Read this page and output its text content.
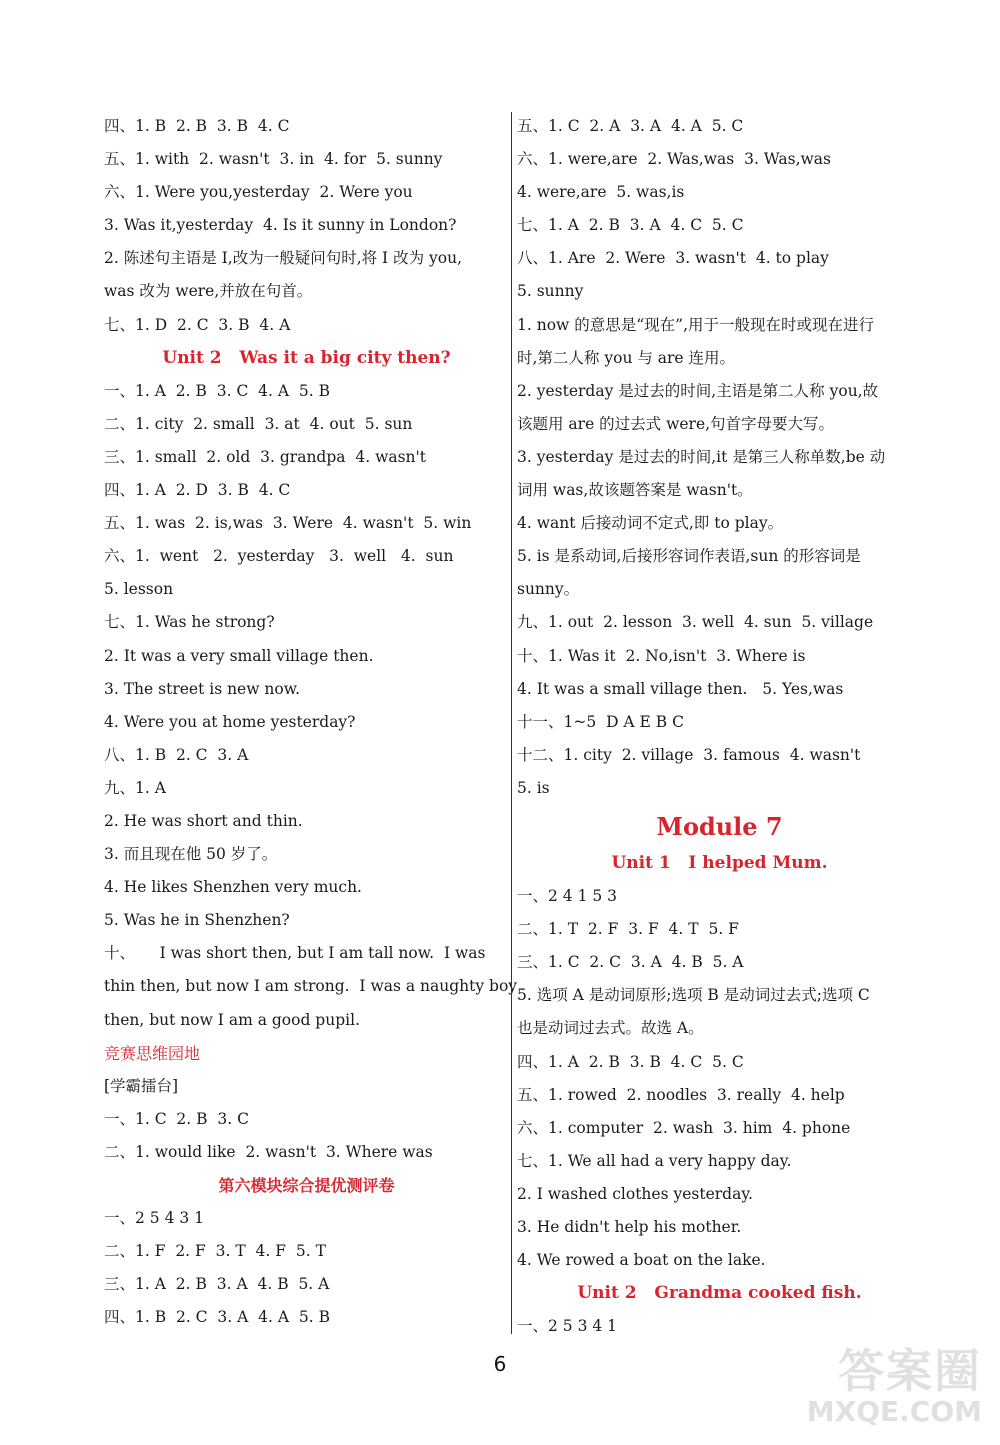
四、1. B  2. B  3. B  4. C
五、1. with  2. wasn't  3. in  4. for  5. sunny
六、1. Were you,yesterday  2. Were you
3. Was it,yesterday  4. Is it sunny in London?
2. 陈述句主语是 I,改为一般疑问句时,将 I 改为 you,
was 改为 were,并放在句首。
七、1. D  2. C  3. B  4. A
Unit 2   Was it a big city then?
一、1. A  2. B  3. C  4. A  5. B
二、1. city  2. small  3. at  4. out  5. sun
三、1. small  2. old  3. grandpa  4. wasn't
四、1. A  2. D  3. B  4. C
五、1. was  2. is,was  3. Were  4. wasn't  5. win
六、1.  went   2.  yesterday   3.  well   4.  sun
5. lesson
七、1. Was he strong?
2. It was a very small village then.
3. The street is new now.
4. Were you at home yesterday?
八、1. B  2. C  3. A
九、1. A
2. He was short and thin.
3. 而且现在他 50 岁了。
4. He likes Shenzhen very much.
5. Was he in Shenzhen?
十、     I was short then, but I am tall now.  I was
thin then, but now I am strong.  I was a naughty boy
then, but now I am a good pupil.
竞赛思维园地
[学霸擂台]
一、1. C  2. B  3. C
二、1. would like  2. wasn't  3. Where was
第六模块综合提优测评卷
一、2 5 4 3 1
二、1. F  2. F  3. T  4. F  5. T
三、1. A  2. B  3. A  4. B  5. A
四、1. B  2. C  3. A  4. A  5. B
五、1. C  2. A  3. A  4. A  5. C
六、1. were,are  2. Was,was  3. Was,was
4. were,are  5. was,is
七、1. A  2. B  3. A  4. C  5. C
八、1. Are  2. Were  3. wasn't  4. to play
5. sunny
1. now 的意思是“现在”,用于一般现在时或现在进行
时,第二人称 you 与 are 连用。
2. yesterday 是过去的时间,主语是第二人称 you,故
该题用 are 的过去式 were,句首字母要大写。
3. yesterday 是过去的时间,it 是第三人称单数,be 动
词用 was,故该题答案是 wasn't。
4. want 后接动词不定式,即 to play。
5. is 是系动词,后接形容词作表语,sun 的形容词是
sunny。
九、1. out  2. lesson  3. well  4. sun  5. village
十、1. Was it  2. No,isn't  3. Where is
4. It was a small village then.   5. Yes,was
十一、1~5  D A E B C
十二、1. city  2. village  3. famous  4. wasn't
5. is
Module 7
Unit 1   I helped Mum.
一、2 4 1 5 3
二、1. T  2. F  3. F  4. T  5. F
三、1. C  2. C  3. A  4. B  5. A
5. 选项 A 是动词原形;选项 B 是动词过去式;选项 C
也是动词过去式。故选 A。
四、1. A  2. B  3. B  4. C  5. C
五、1. rowed  2. noodles  3. really  4. help
六、1. computer  2. wash  3. him  4. phone
七、1. We all had a very happy day.
2. I washed clothes yesterday.
3. He didn't help his mother.
4. We rowed a boat on the lake.
Unit 2   Grandma cooked fish.
一、2 5 3 4 1
6	答案圈
MXQE.COM
